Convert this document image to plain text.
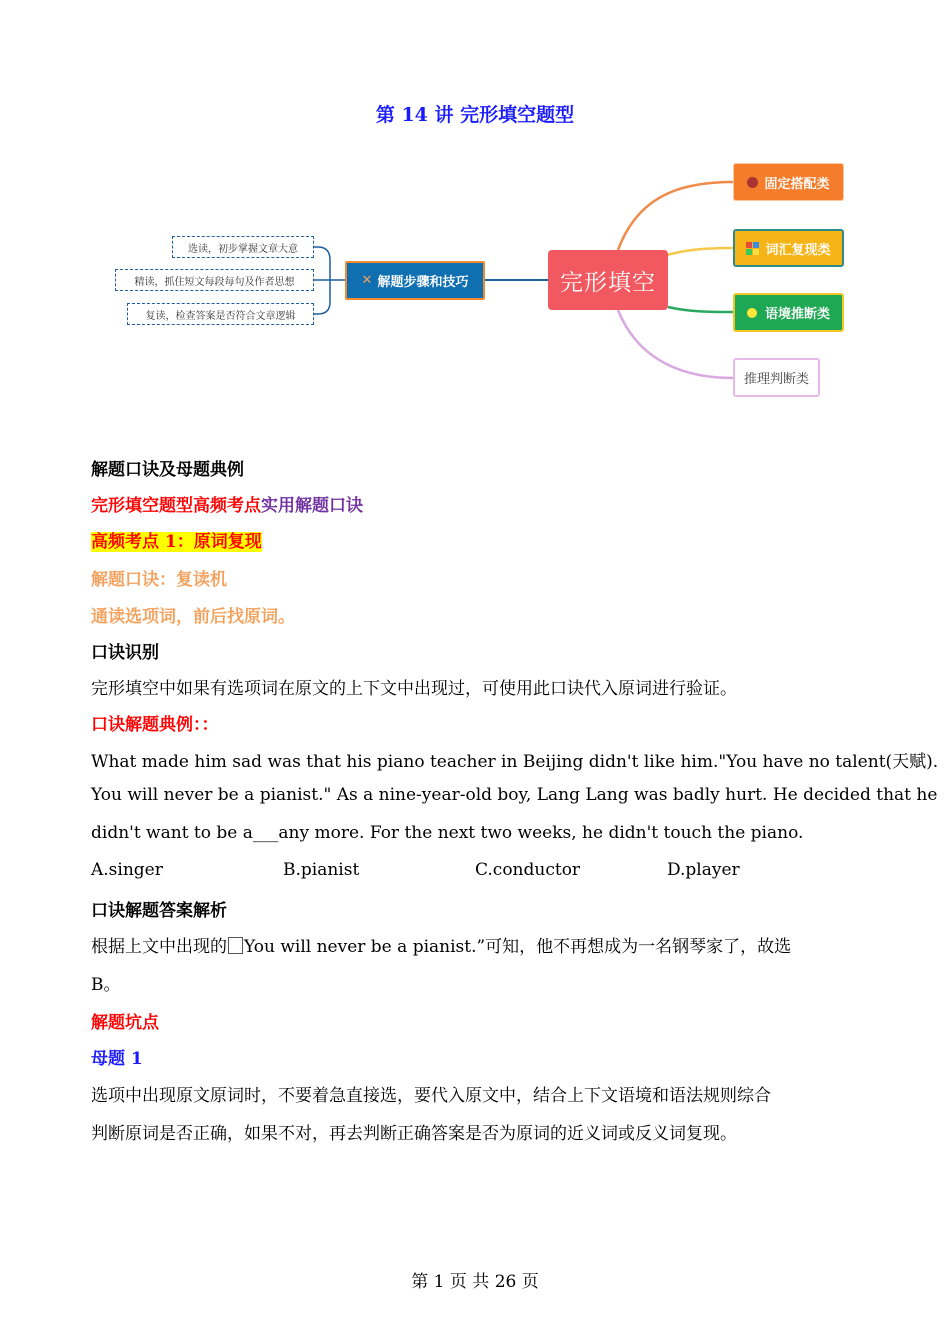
第 14 讲 完形填空题型
完形填空
✕ 解题步骤和技巧
选读，初步掌握文章大意
精读，抓住短文每段每句及作者思想
复读，检查答案是否符合文章逻辑
固定搭配类
词汇复现类
语境推断类
推理判断类
解题口诀及母题典例
完形填空题型高频考点实用解题口诀
高频考点 1：原词复现
解题口诀：复读机
通读选项词，前后找原词。
口诀识别
完形填空中如果有选项词在原文的上下文中出现过，可使用此口诀代入原词进行验证。
口诀解题典例：：
What made him sad was that his piano teacher in Beijing didn't like him."You have no talent(天赋).
You will never be a pianist." As a nine-year-old boy, Lang Lang was badly hurt. He decided that he
didn't want to be a___any more. For the next two weeks, he didn't touch the piano.
A.singer	B.pianist	C.conductor	D.player
口诀解题答案解析
根据上文中出现的 You will never be a pianist.”可知，他不再想成为一名钢琴家了，故选
B。
解题坑点
母题 1
选项中出现原文原词时，不要着急直接选，要代入原文中，结合上下文语境和语法规则综合
判断原词是否正确，如果不对，再去判断正确答案是否为原词的近义词或反义词复现。
第 1 页 共 26 页
